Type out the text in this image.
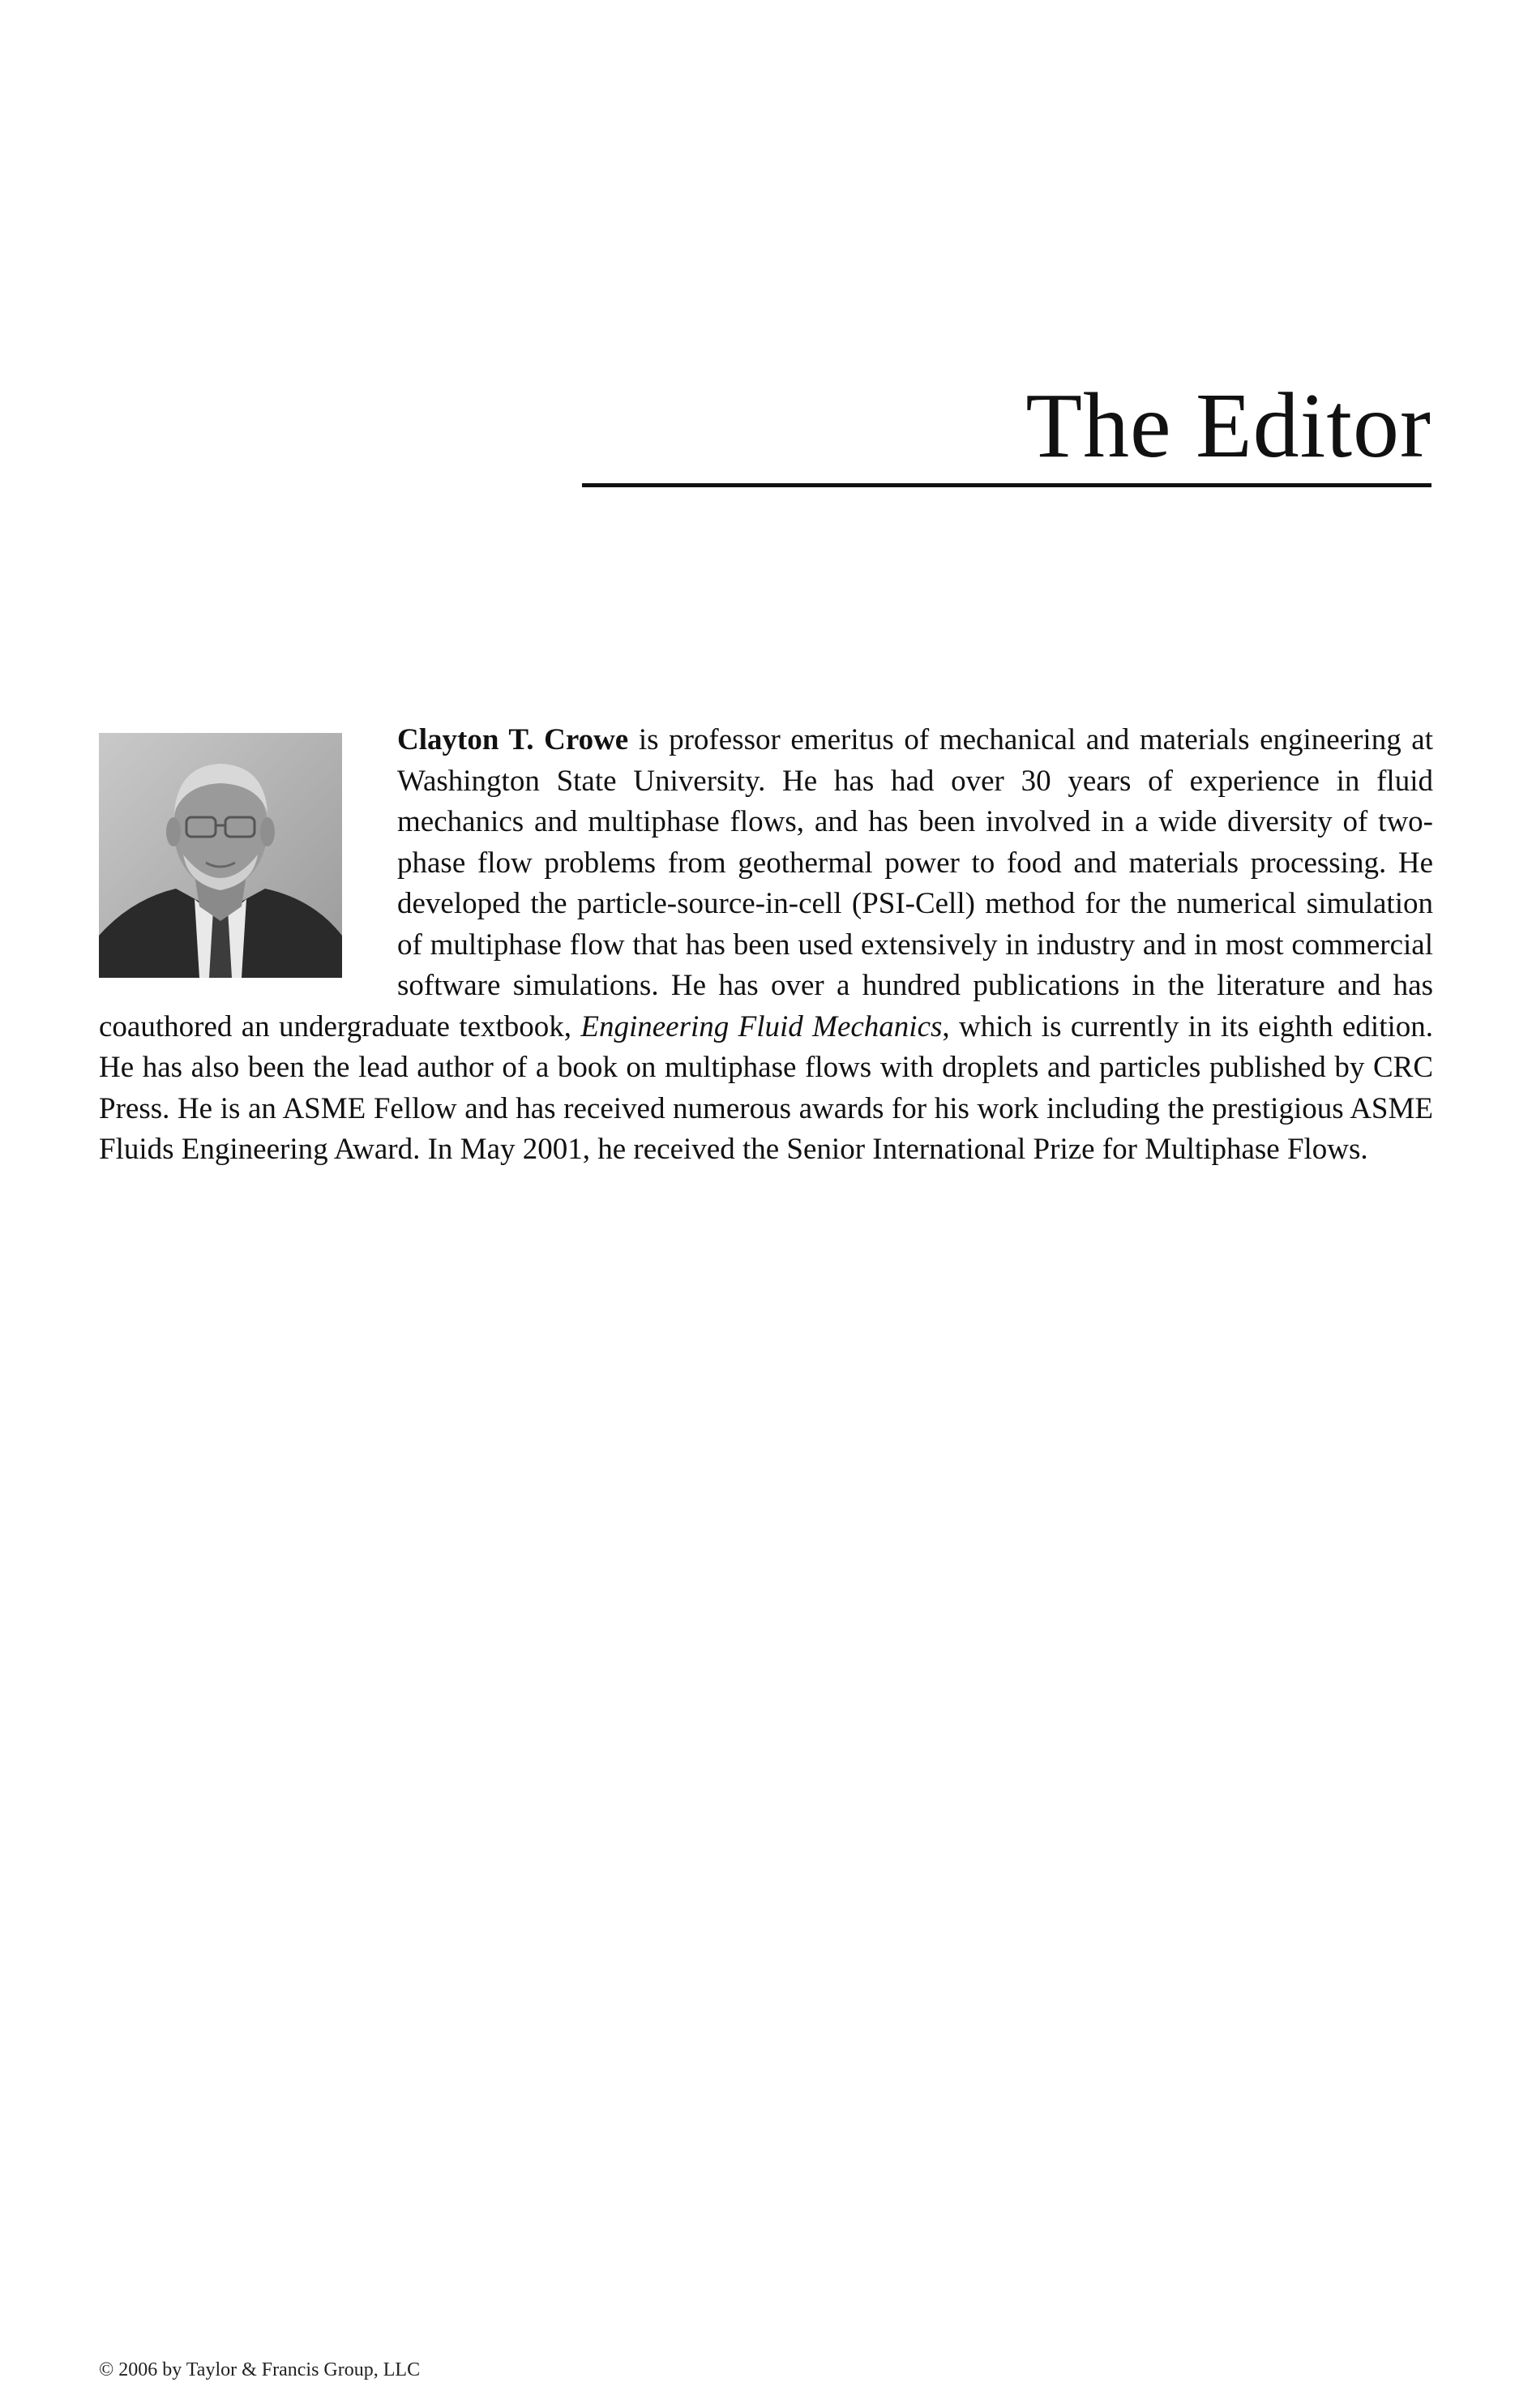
The Editor

Clayton T. Crowe is professor emeritus of mechanical and materials engineering at Washington State University. He has had over 30 years of experience in fluid mechanics and multiphase flows, and has been involved in a wide diversity of two-phase flow problems from geothermal power to food and materials processing. He developed the particle-source-in-cell (PSI-Cell) method for the numerical simulation of multiphase flow that has been used extensively in industry and in most commercial software simulations. He has over a hundred publications in the literature and has coauthored an undergraduate textbook, Engineering Fluid Mechanics, which is currently in its eighth edition. He has also been the lead author of a book on multiphase flows with droplets and particles published by CRC Press. He is an ASME Fellow and has received numerous awards for his work including the prestigious ASME Fluids Engineering Award. In May 2001, he received the Senior International Prize for Multiphase Flows.

© 2006 by Taylor & Francis Group, LLC
